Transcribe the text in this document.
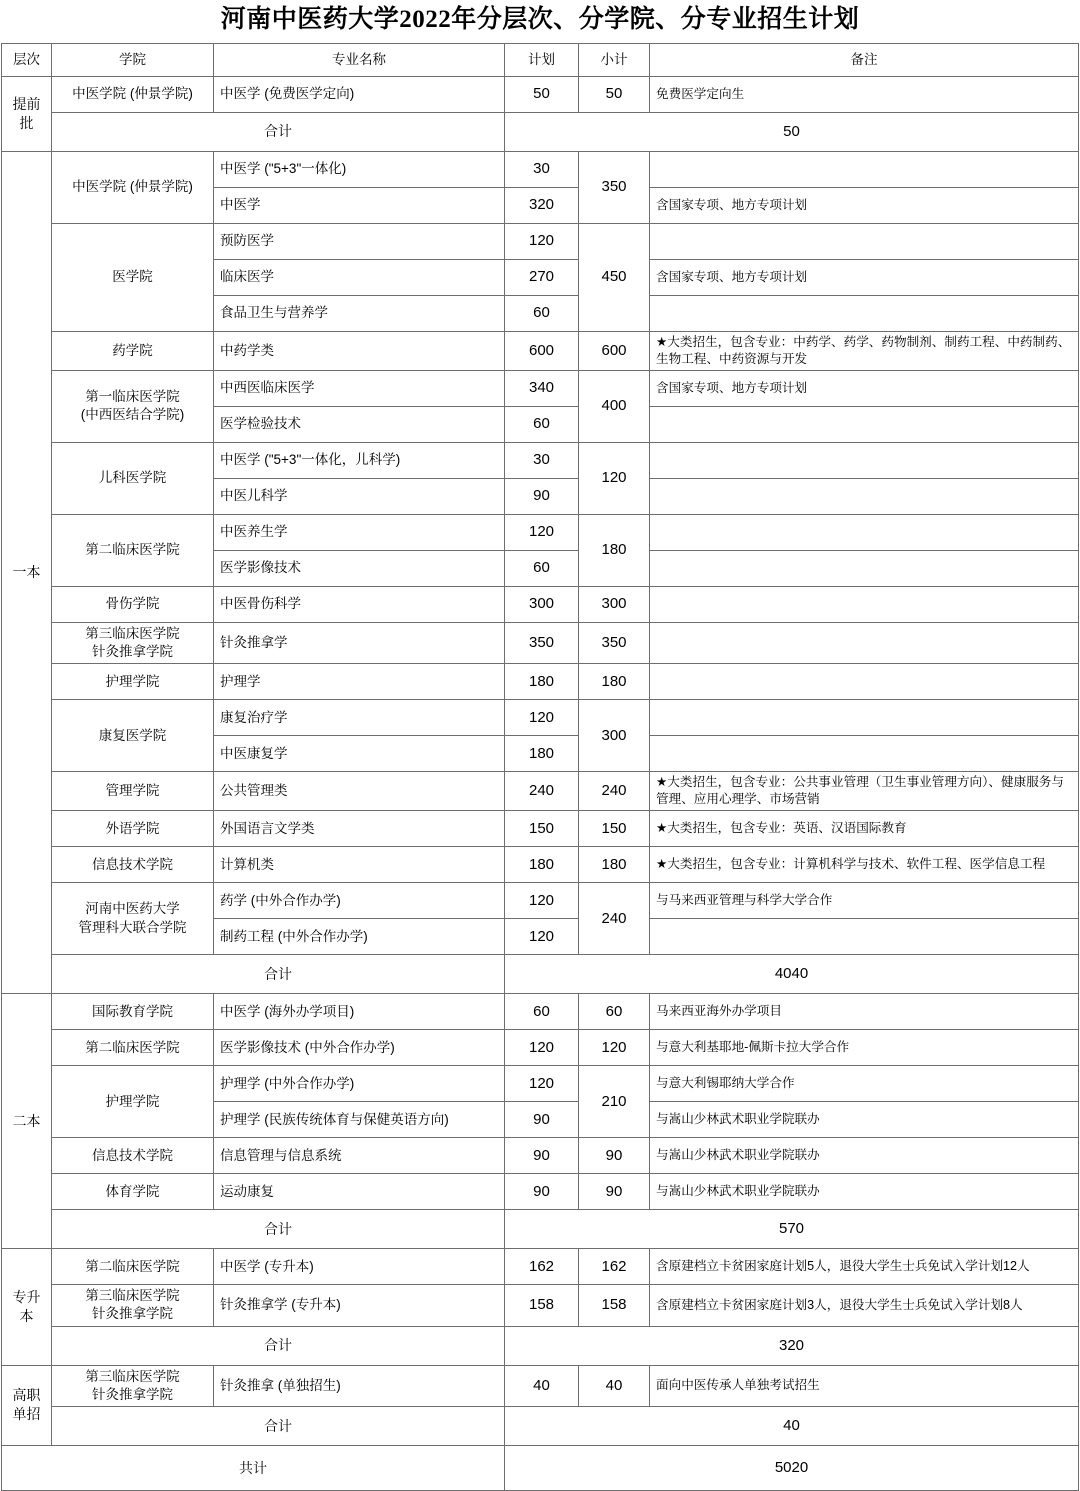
河南中医药大学2022年分层次、分学院、分专业招生计划
层次	学院	专业名称	计划	小计	备注
提前批	中医学院 (仲景学院)	中医学 (免费医学定向)	50	50	免费医学定向生
	合计		50		
一本	中医学院 (仲景学院)	中医学 ("5+3"一体化)	30	350	
		中医学	320		含国家专项、地方专项计划
	医学院	预防医学	120	450	
		临床医学	270		含国家专项、地方专项计划
		食品卫生与营养学	60		
	药学院	中药学类	600	600	★大类招生，包含专业：中药学、药学、药物制剂、制药工程、中药制药、生物工程、中药资源与开发
	第一临床医学院
(中西医结合学院)	中西医临床医学	340	400	含国家专项、地方专项计划
		医学检验技术	60		
	儿科医学院	中医学 ("5+3"一体化，儿科学)	30	120	
		中医儿科学	90		
	第二临床医学院	中医养生学	120	180	
		医学影像技术	60		
	骨伤学院	中医骨伤科学	300	300	
	第三临床医学院
针灸推拿学院	针灸推拿学	350	350	
	护理学院	护理学	180	180	
	康复医学院	康复治疗学	120	300	
		中医康复学	180		
	管理学院	公共管理类	240	240	★大类招生，包含专业：公共事业管理（卫生事业管理方向）、健康服务与管理、应用心理学、市场营销
	外语学院	外国语言文学类	150	150	★大类招生，包含专业：英语、汉语国际教育
	信息技术学院	计算机类	180	180	★大类招生，包含专业：计算机科学与技术、软件工程、医学信息工程
	河南中医药大学
管理科大联合学院	药学 (中外合作办学)	120	240	与马来西亚管理与科学大学合作
		制药工程 (中外合作办学)	120		
	合计		4040		
二本	国际教育学院	中医学 (海外办学项目)	60	60	马来西亚海外办学项目
	第二临床医学院	医学影像技术 (中外合作办学)	120	120	与意大利基耶地-佩斯卡拉大学合作
	护理学院	护理学 (中外合作办学)	120	210	与意大利锡耶纳大学合作
		护理学 (民族传统体育与保健英语方向)	90		与嵩山少林武术职业学院联办
	信息技术学院	信息管理与信息系统	90	90	与嵩山少林武术职业学院联办
	体育学院	运动康复	90	90	与嵩山少林武术职业学院联办
	合计		570		
专升本	第二临床医学院	中医学 (专升本)	162	162	含原建档立卡贫困家庭计划5人，退役大学生士兵免试入学计划12人
	第三临床医学院
针灸推拿学院	针灸推拿学 (专升本)	158	158	含原建档立卡贫困家庭计划3人，退役大学生士兵免试入学计划8人
	合计		320		
高职
单招	第三临床医学院
针灸推拿学院	针灸推拿 (单独招生)	40	40	面向中医传承人单独考试招生
	合计		40		
共计			5020		
